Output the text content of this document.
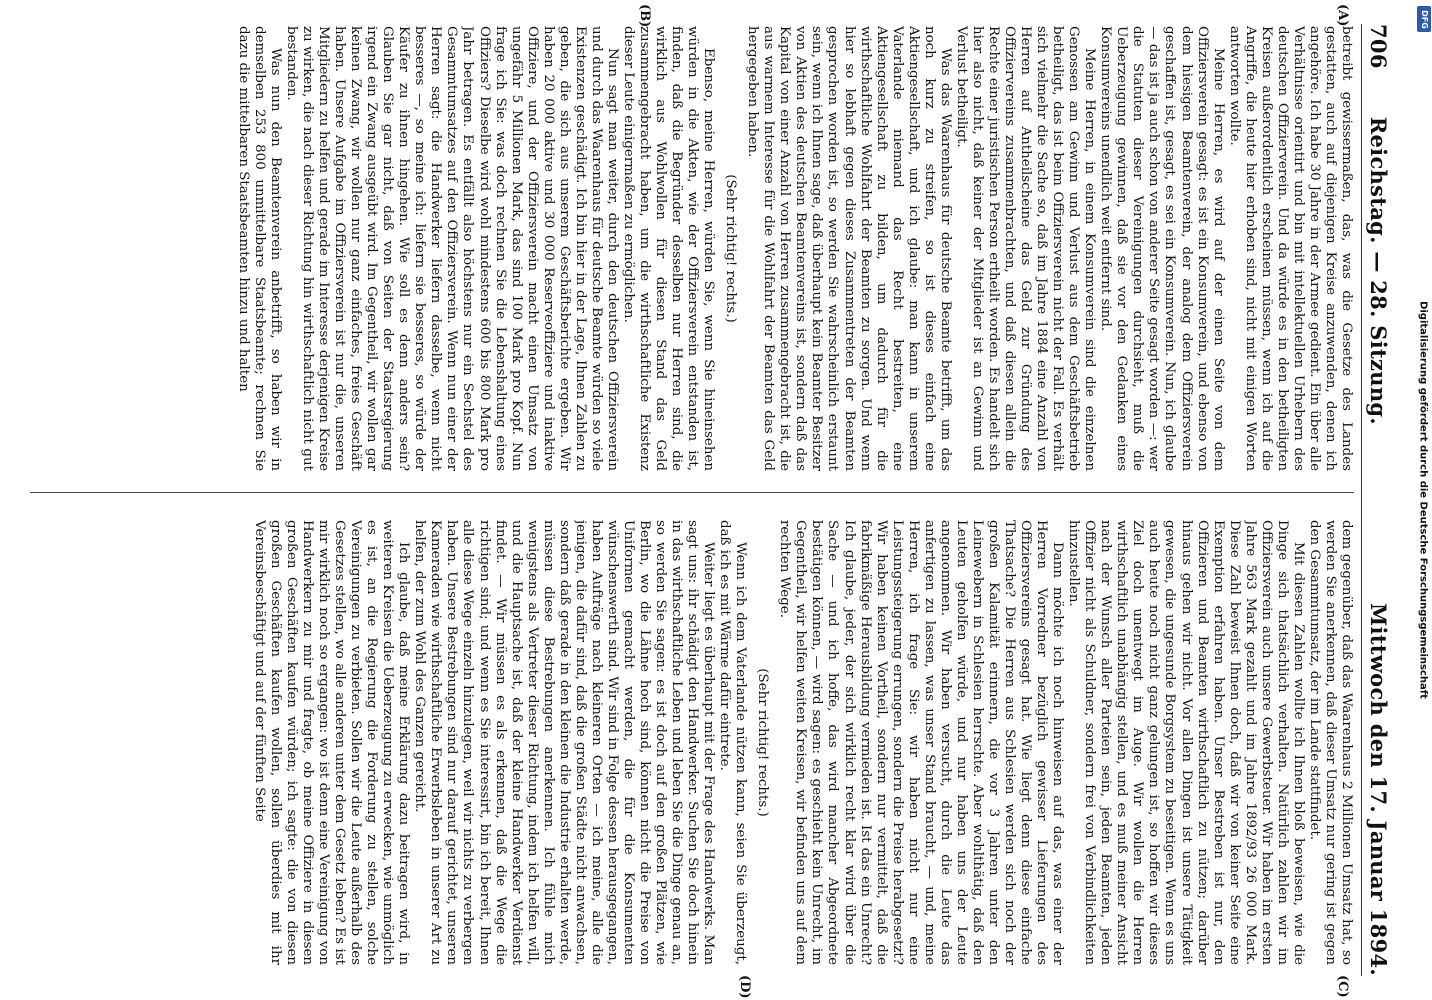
706
Reichstag. — 28. Sitzung.
Mittwoch den 17. Januar 1894.
(A)
(B)
(C)
(D)

betreibt gewissermaßen, das, was die Gesetze des Landes gestatten, auch auf diejenigen Kreise anzuwenden, denen ich angehöre. Ich habe 30 Jahre in der Armee gedient. Ein über alle Verhältnisse orientirt und bin mit intellektuellen Urhebern des deutschen Offizierverein. Und da würde es in den betheiligten Kreisen außerordentlich erscheinen müssen, wenn ich auf die Angriffe, die heute hier erhoben sind, nicht mit einigen Worten antworten wollte.

Meine Herren, es wird auf der einen Seite von dem Offiziersverein gesagt: es ist ein Konsumverein, und ebenso von dem hiesigen Beamtenverein, der analog dem Offiziersverein geschaffen ist, gesagt, es sei ein Konsumverein. Nun, ich glaube — das ist ja auch schon von anderer Seite gesagt worden —: wer die Statuten dieser Vereinigungen durchsieht, muß die Ueberzeugung gewinnen, daß sie vor den Gedanken eines Konsumvereins unendlich weit entfernt sind.

Meine Herren, in einem Konsumverein sind die einzelnen Genossen am Gewinn und Verlust aus dem Geschäftsbetrieb betheiligt, das ist beim Offiziersverein nicht der Fall. Es verhält sich vielmehr die Sache so, daß im Jahre 1884 eine Anzahl von Herren auf Antheilscheine das Geld zur Gründung des Offiziervereins zusammenbrachten, und daß diesen allein die Rechte einer juristischen Person ertheilt worden. Es handelt sich hier also nicht, daß keiner der Mitglieder ist an Gewinn und Verlust betheiligt.

Was das Waarenhaus für deutsche Beamte betrifft, um das noch kurz zu streifen, so ist dieses einfach eine Aktiengesellschaft, und ich glaube: man kann in unserem Vaterlande niemand das Recht bestreiten, eine Aktiengesellschaft zu bilden, um dadurch für die wirthschaftliche Wohlfahrt der Beamten zu sorgen. Und wenn hier so lebhaft gegen dieses Zusammentreten der Beamten gesprochen worden ist, so werden Sie wahrscheinlich erstaunt sein, wenn ich Ihnen sage, daß überhaupt kein Beamter Besitzer von Aktien des deutschen Beamtenvereins ist, sondern daß das Kapital von einer Anzahl von Herren zusammengebracht ist, die aus warmem Interesse für die Wohlfahrt der Beamten das Geld hergegeben haben.

(Sehr richtig! rechts.)

Ebenso, meine Herren, würden Sie, wenn Sie hineinsehen würden in die Akten, wie der Offiziersverein entstanden ist, finden, daß die Begründer desselben nur Herren sind, die wirklich aus Wohlwollen für diesen Stand das Geld zusammengebracht haben, um die wirthschaftliche Existenz dieser Leute einigermaßen zu ermöglichen.

Nun sagt man weiter, durch den deutschen Offiziersverein und durch das Waarenhaus für deutsche Beamte würden so viele Existenzen geschädigt. Ich bin hier in der Lage, Ihnen Zahlen zu geben, die sich aus unserem Geschäftsberichte ergeben. Wir haben 20 000 aktive und 30 000 Reserveoffiziere und inaktive Offiziere, und der Offiziersverein macht einen Umsatz von ungefähr 5 Millionen Mark, das sind 100 Mark pro Kopf. Nun frage ich Sie: was doch rechnen Sie die Lebenshaltung eines Offiziers? Dieselbe wird wohl mindestens 600 bis 800 Mark pro Jahr betragen. Es entfällt also höchstens nur ein Sechstel des Gesammtumsatzes auf den Offiziersverein. Wenn nun einer der Herren sagt: die Handwerker liefern dasselbe, wenn nicht besseres —, so meine ich: liefern sie besseres, so würde der Käufer zu ihnen hingehen. Wie soll es denn anders sein? Glauben Sie gar nicht, daß von Seiten der Staatsregierung irgend ein Zwang ausgeübt wird. Im Gegentheil, wir wollen gar keinen Zwang, wir wollen nur ganz einfaches, freies Geschäft haben. Unsere Aufgabe im Offiziersverein ist nur die, unseren Mitgliedern zu helfen und gerade im Interesse derjenigen Kreise zu wirken, die nach dieser Richtung hin wirthschaftlich nicht gut bestanden.

Was nun den Beamtenverein anbetrifft, so haben wir in demselben 253 800 unmittelbare Staatsbeamte; rechnen Sie dazu die mittelbaren Staatsbeamten hinzu und halten

dem gegenüber, daß das Waarenhaus 2 Millionen Umsatz hat, so werden Sie anerkennen, daß dieser Umsatz nur gering ist gegen den Gesammtumsatz, der im Lande stattfindet.

Mit diesen Zahlen wollte ich Ihnen bloß beweisen, wie die Dinge sich thatsächlich verhalten. Natürlich zahlen wir im Offiziersverein auch unsere Gewerbsteuer. Wir haben im ersten Jahre 563 Mark gezahlt und im Jahre 1892/93 26 000 Mark. Diese Zahl beweist Ihnen doch, daß wir von keiner Seite eine Exemption erfahren haben. Unser Bestreben ist nur, den Offizieren und Beamten wirthschaftlich zu nützen; darüber hinaus gehen wir nicht. Vor allen Dingen ist unsere Tätigkeit gewesen, die ungesunde Borgsystem zu beseitigen. Wenn es uns auch heute noch nicht ganz gelungen ist, so hoffen wir dieses Ziel doch unentwegt im Auge. Wir wollen die Herren wirthschaftlich unabhängig stellen, und es muß meiner Ansicht nach der Wunsch aller Parteien sein, jeden Beamten, jeden Offizier nicht als Schuldner, sondern frei von Verbindlichkeiten hinzustellen.

Dann möchte ich noch hinweisen auf das, was einer der Herren Vorredner bezüglich gewisser Lieferungen des Offiziersvereins gesagt hat. Wie liegt denn diese einfache Thatsache? Die Herren aus Schlesien werden sich noch der großen Kalamität erinnern, die vor 3 Jahren unter den Leinewebern in Schlesien herrschte. Aber wohlthätig, daß den Leuten geholfen würde, und nur haben uns der Leute angenommen. Wir haben versucht, durch die Leute das anfertigen zu lassen, was unser Stand braucht, — und, meine Herren, ich frage Sie: wir haben nicht nur eine Leistungssteigerung errungen, sondern die Preise herabgesetzt? Wir haben keinen Vortheil, sondern nur vermittelt, daß die fabrikmäßige Herausbildung vermieden ist. Ist das ein Unrecht? Ich glaube, jeder, der sich wirklich recht klar wird über die Sache — und ich hoffe, das wird mancher Abgeordnete bestätigen können, — wird sagen: es geschieht kein Unrecht, im Gegentheil, wir helfen weiten Kreisen, wir befinden uns auf dem rechten Wege.

(Sehr richtig! rechts.)

Wenn ich dem Vaterlande nützen kann, seien Sie überzeugt, daß ich es mit Wärme dafür eintrete.

Weiter liegt es überhaupt mit der Frage des Handwerks. Man sagt uns: ihr schädigt den Handwerker. Suchen Sie doch hinein in das wirthschaftliche Leben und leben Sie die Dinge genau an, so werden Sie sagen: es ist doch auf den großen Plätzen, wie Berlin, wo die Lähne hoch sind, können nicht die Preise von Uniformen gemacht werden, die für die Konsumenten wünschenswerth sind. Wir sind in Folge dessen herausgegangen, haben Aufträge nach kleineren Orten — ich meine, alle die jenigen, die dafür sind, daß die großen Städte nicht anwachsen, sondern daß gerade in den kleinen die Industrie erhalten werde, müssen diese Bestrebungen anerkennen. Ich fühle mich wenigstens als Vertreter dieser Richtung, indem ich helfen will, und die Hauptsache ist, daß der kleine Handwerker Verdienst findet. — Wir müssen es als erkennen, daß die Wege die richtigen sind; und wenn es Sie interessirt, bin ich bereit, Ihnen alle diese Wege einzeln hinzulegen, weil wir nichts zu verbergen haben. Unsere Bestrebungen sind nur darauf gerichtet, unseren Kameraden wie wirthschaftliche Erwerbsleben in unserer Art zu helfen, der zum Wohl des Ganzen gereicht.

Ich glaube, daß meine Erklärung dazu beitragen wird, in weiteren Kreisen die Ueberzeugung zu erwecken, wie unmöglich es ist, an die Regierung die Forderung zu stellen, solche Vereinigungen zu verbieten. Sollen wir die Leute außerhalb des Gesetzes stellen, wo alle anderen unter dem Gesetz leben? Es ist mir wirklich noch so ergangen: wo ist denn eine Vereinigung von Handwerkern zu mir und fragte, ob meine Offiziere in diesen großen Geschäften kaufen würden; ich sagte: die von diesen großen Geschäften kaufen wollen, sollen überdies mit ihr Vereinsbeschäftigt und auf der fünften Seite	Digitalisierung gefördert durch die Deutsche Forschungsgemeinschaft
DFG
